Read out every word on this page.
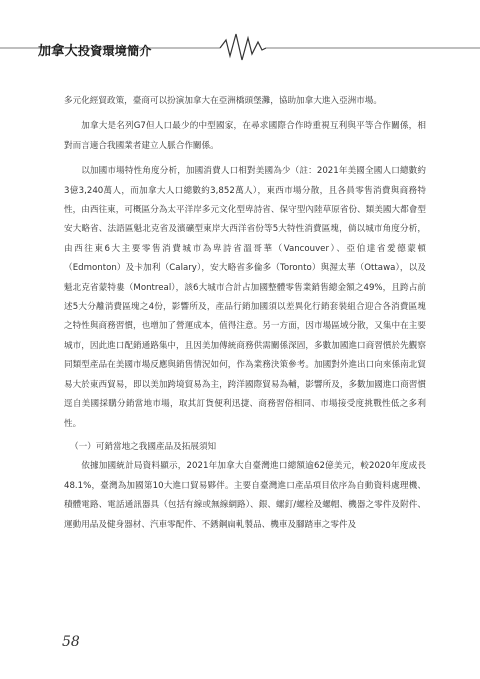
加拿大投資環境簡介

多元化經貿政策，臺商可以扮演加拿大在亞洲橋頭堡灘，協助加拿大進入亞洲市場。

加拿大是名列G7但人口最少的中型國家，在尋求國際合作時重視互利與平等合作關係，相對而言適合我國業者建立人脈合作關係。

以加國市場特性角度分析，加國消費人口相對美國為少（註：2021年美國全國人口總數約3億3,240萬人，而加拿大人口總數約3,852萬人），東西市場分散，且各員零售消費與商務特性，由西往東，可概區分為太平洋岸多元文化型卑詩省、保守型內陸草原省份、類美國大都會型安大略省、法語區魁北克省及濱礦型東岸大西洋省份等5大特性消費區塊，倘以城市角度分析，由西往東6大主要零售消費城市為卑詩省溫哥華（Vancouver）、亞伯達省愛德蒙頓（Edmonton）及卡加利（Calary），安大略省多倫多（Toronto）與渥太華（Ottawa），以及魁北克省蒙特婁（Montreal），該6大城市合計占加國整體零售業銷售總金額之49%，且跨占前述5大分離消費區塊之4份，影響所及，產品行銷加國須以差異化行銷套裝組合迎合各消費區塊之特性與商務習慣，也增加了營運成本，值得注意。另一方面，因市場區域分散，又集中在主要城市，因此進口配銷通路集中，且因美加傳統商務供需關係深固，多數加國進口商習慣於先觀察同類型產品在美國市場反應與銷售情況如何，作為業務決策參考。加國對外進出口向來係南北貿易大於東西貿易，即以美加跨境貿易為主，跨洋國際貿易為輔，影響所及，多數加國進口商習慣逕自美國採購分銷當地市場，取其訂貨便利迅捷、商務習俗相同、市場接受度挑戰性低之多利性。

（一）可銷當地之我國產品及拓展須知

依據加國統計局資料顯示，2021年加拿大自臺灣進口總額逾62億美元，較2020年度成長48.1%，臺灣為加國第10大進口貿易夥伴。主要自臺灣進口產品項目依序為自動資料處理機、積體電路、電話通訊器具（包括有線或無線網路）、銀、螺釘/螺栓及螺帽、機器之零件及附件、運動用品及健身器材、汽車零配件、不銹鋼扁軋製品、機車及腳踏車之零件及

58
